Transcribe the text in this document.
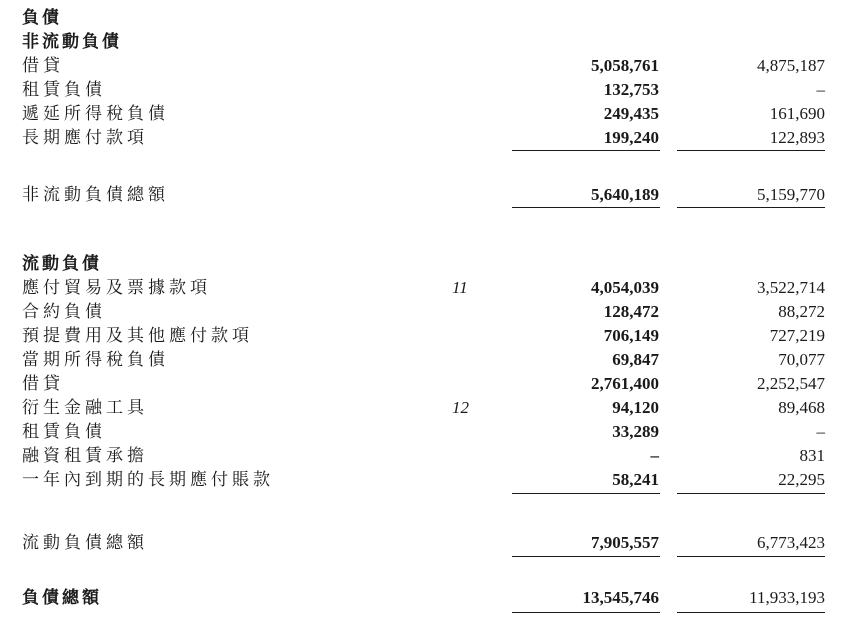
負債
非流動負債
借貸	5,058,761	4,875,187
租賃負債	132,753	–
遞延所得稅負債	249,435	161,690
長期應付款項	199,240	122,893
非流動負債總額	5,640,189	5,159,770
流動負債
應付貿易及票據款項	11	4,054,039	3,522,714
合約負債	128,472	88,272
預提費用及其他應付款項	706,149	727,219
當期所得稅負債	69,847	70,077
借貸	2,761,400	2,252,547
衍生金融工具	12	94,120	89,468
租賃負債	33,289	–
融資租賃承擔	–	831
一年內到期的長期應付賬款	58,241	22,295
流動負債總額	7,905,557	6,773,423
負債總額	13,545,746	11,933,193
